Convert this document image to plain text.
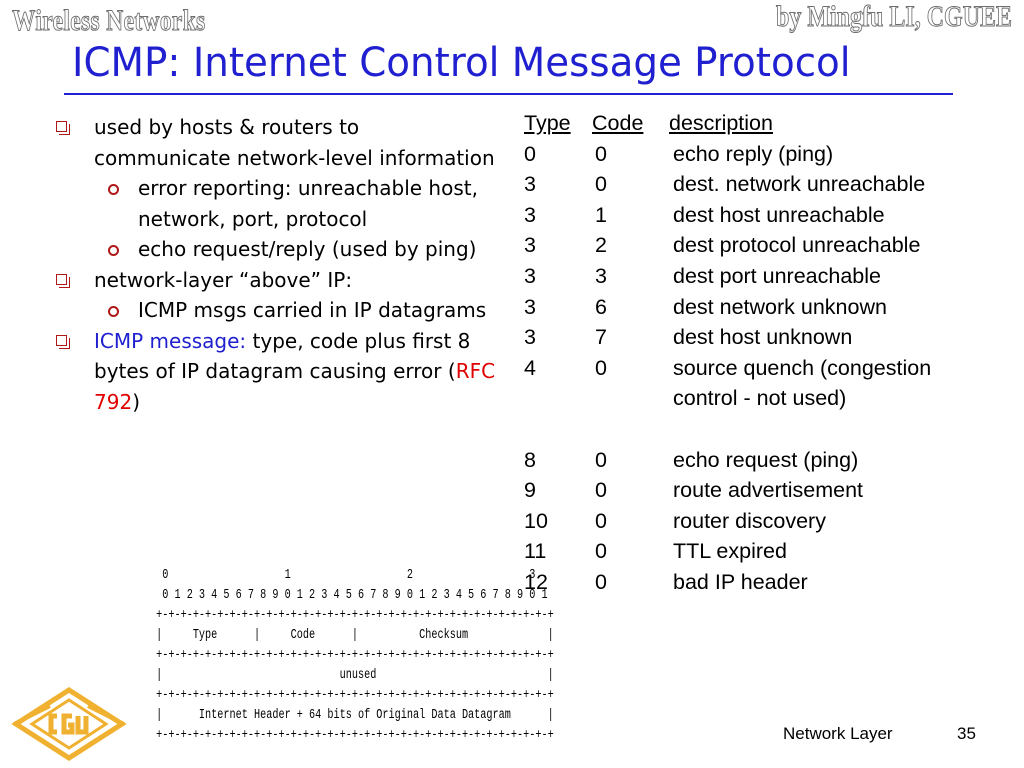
Wireless Networks	by Mingfu LI, CGUEE
ICMP: Internet Control Message Protocol
used by hosts & routers to communicate network-level information
error reporting: unreachable host, network, port, protocol
echo request/reply (used by ping)
network-layer “above” IP:
ICMP msgs carried in IP datagrams
ICMP message: type, code plus first 8 bytes of IP datagram causing error (RFC 792)
Type Code description
0	0	echo reply (ping)
3	0	dest. network unreachable
3	1	dest host unreachable
3	2	dest protocol unreachable
3	3	dest port unreachable
3	6	dest network unknown
3	7	dest host unknown
4	0	source quench (congestion
control - not used)
8	0	echo request (ping)
9	0	route advertisement
10 0	router discovery
11 0	TTL expired
12 0	bad IP header
0                   1                   2                   3
0 1 2 3 4 5 6 7 8 9 0 1 2 3 4 5 6 7 8 9 0 1 2 3 4 5 6 7 8 9 0 1
+-+-+-+-+-+-+-+-+-+-+-+-+-+-+-+-+-+-+-+-+-+-+-+-+-+-+-+-+-+-+-+-+
|     Type      |     Code      |          Checksum             |
+-+-+-+-+-+-+-+-+-+-+-+-+-+-+-+-+-+-+-+-+-+-+-+-+-+-+-+-+-+-+-+-+
|                             unused                            |
+-+-+-+-+-+-+-+-+-+-+-+-+-+-+-+-+-+-+-+-+-+-+-+-+-+-+-+-+-+-+-+-+
|      Internet Header + 64 bits of Original Data Datagram      |
+-+-+-+-+-+-+-+-+-+-+-+-+-+-+-+-+-+-+-+-+-+-+-+-+-+-+-+-+-+-+-+-+	Network Layer	35
